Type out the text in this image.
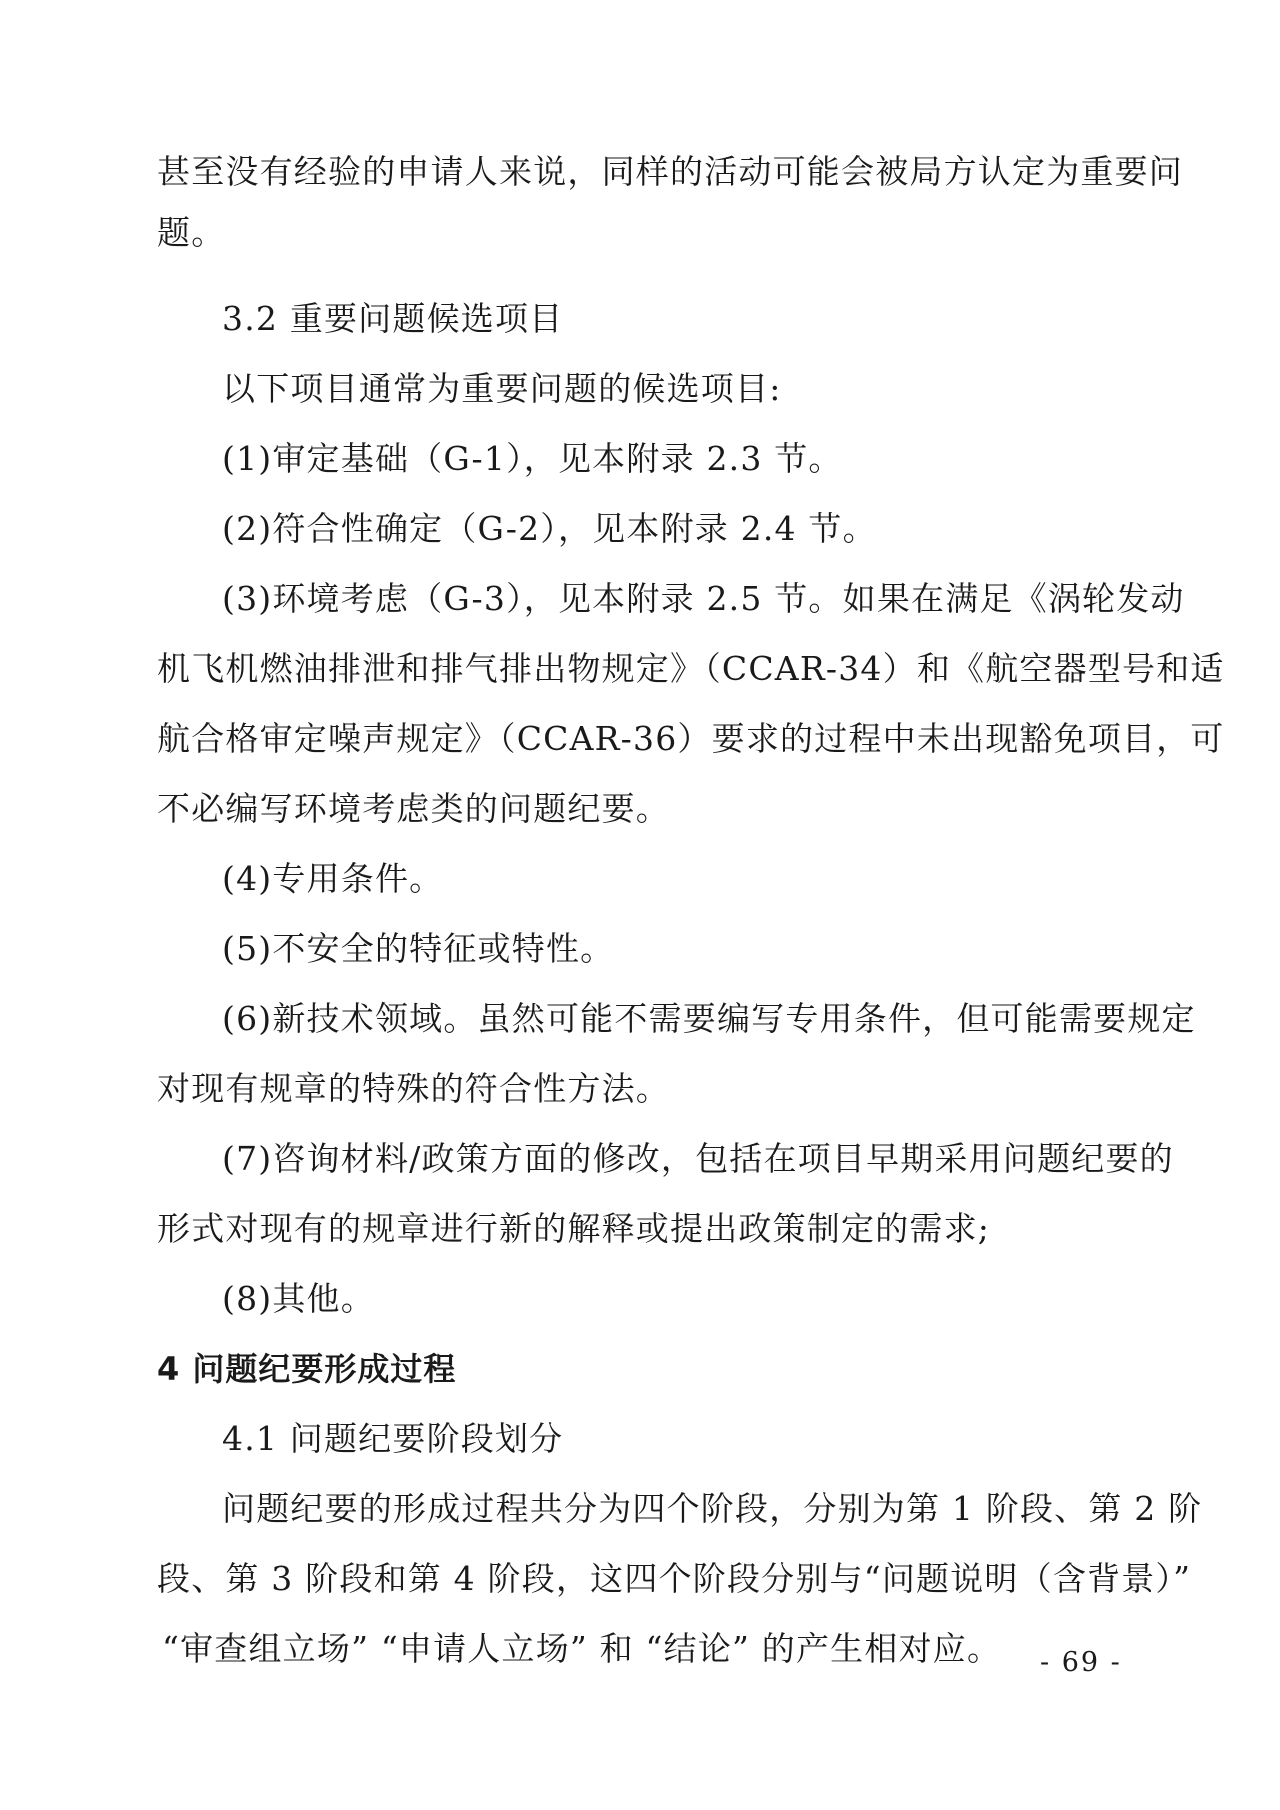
甚至没有经验的申请人来说，同样的活动可能会被局方认定为重要问
题。
3.2 重要问题候选项目
以下项目通常为重要问题的候选项目:
(1)审定基础（G-1），见本附录 2.3 节。
(2)符合性确定（G-2），见本附录 2.4 节。
(3)环境考虑（G-3），见本附录 2.5 节。如果在满足《涡轮发动
机飞机燃油排泄和排气排出物规定》（CCAR-34）和《航空器型号和适
航合格审定噪声规定》（CCAR-36）要求的过程中未出现豁免项目，可
不必编写环境考虑类的问题纪要。
(4)专用条件。
(5)不安全的特征或特性。
(6)新技术领域。虽然可能不需要编写专用条件，但可能需要规定
对现有规章的特殊的符合性方法。
(7)咨询材料/政策方面的修改，包括在项目早期采用问题纪要的
形式对现有的规章进行新的解释或提出政策制定的需求;
(8)其他。
4 问题纪要形成过程
4.1 问题纪要阶段划分
问题纪要的形成过程共分为四个阶段，分别为第 1 阶段、第 2 阶
段、第 3 阶段和第 4 阶段，这四个阶段分别与“问题说明（含背景）”
“审查组立场” “申请人立场” 和 “结论” 的产生相对应。	- 69 -
